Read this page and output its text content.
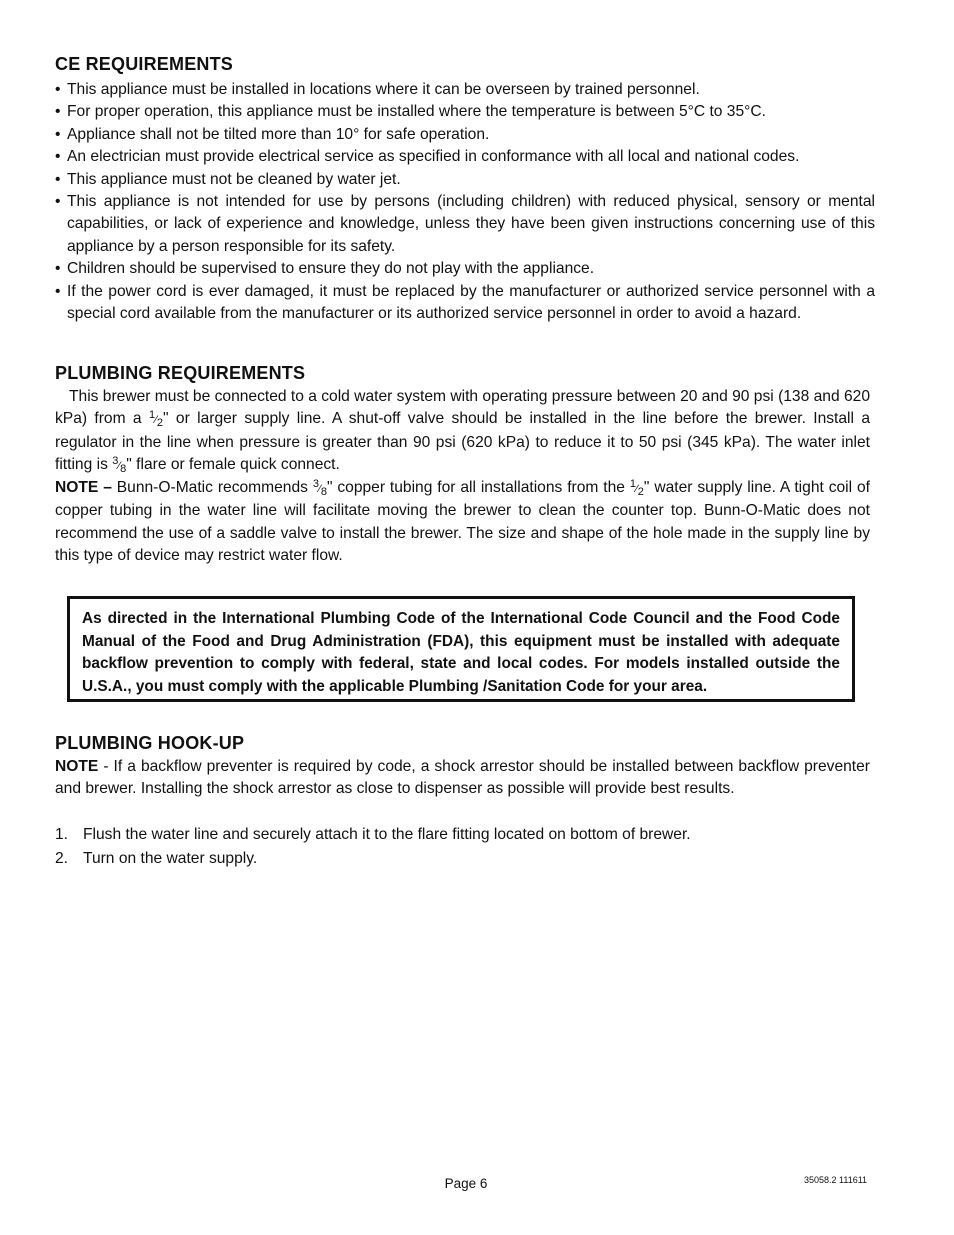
CE REQUIREMENTS
• This appliance must be installed in locations where it can be overseen by trained personnel.
• For proper operation, this appliance must be installed where the temperature is between 5°C to 35°C.
• Appliance shall not be tilted more than 10° for safe operation.
• An electrician must provide electrical service as specified in conformance with all local and national codes.
• This appliance must not be cleaned by water jet.
• This appliance is not intended for use by persons (including children) with reduced physical, sensory or mental capabilities, or lack of experience and knowledge, unless they have been given instructions concerning use of this appliance by a person responsible for its safety.
• Children should be supervised to ensure they do not play with the appliance.
• If the power cord is ever damaged, it must be replaced by the manufacturer or authorized service personnel with a special cord available from the manufacturer or its authorized service personnel in order to avoid a hazard.
PLUMBING REQUIREMENTS
This brewer must be connected to a cold water system with operating pressure between 20 and 90 psi (138 and 620 kPa) from a 1⁄2" or larger supply line. A shut-off valve should be installed in the line before the brewer. Install a regulator in the line when pressure is greater than 90 psi (620 kPa) to reduce it to 50 psi (345 kPa). The water inlet fitting is 3⁄8" flare or female quick connect.
NOTE – Bunn-O-Matic recommends 3⁄8" copper tubing for all installations from the 1⁄2" water supply line. A tight coil of copper tubing in the water line will facilitate moving the brewer to clean the counter top. Bunn-O-Matic does not recommend the use of a saddle valve to install the brewer. The size and shape of the hole made in the supply line by this type of device may restrict water flow.
As directed in the International Plumbing Code of the International Code Council and the Food Code Manual of the Food and Drug Administration (FDA), this equipment must be installed with adequate backflow prevention to comply with federal, state and local codes. For models installed outside the U.S.A., you must comply with the applicable Plumbing /Sanitation Code for your area.
PLUMBING HOOK-UP
NOTE - If a backflow preventer is required by code, a shock arrestor should be installed between backflow preventer and brewer. Installing the shock arrestor as close to dispenser as possible will provide best results.
1. Flush the water line and securely attach it to the flare fitting located on bottom of brewer.
2. Turn on the water supply.
Page 6	35058.2 111611
